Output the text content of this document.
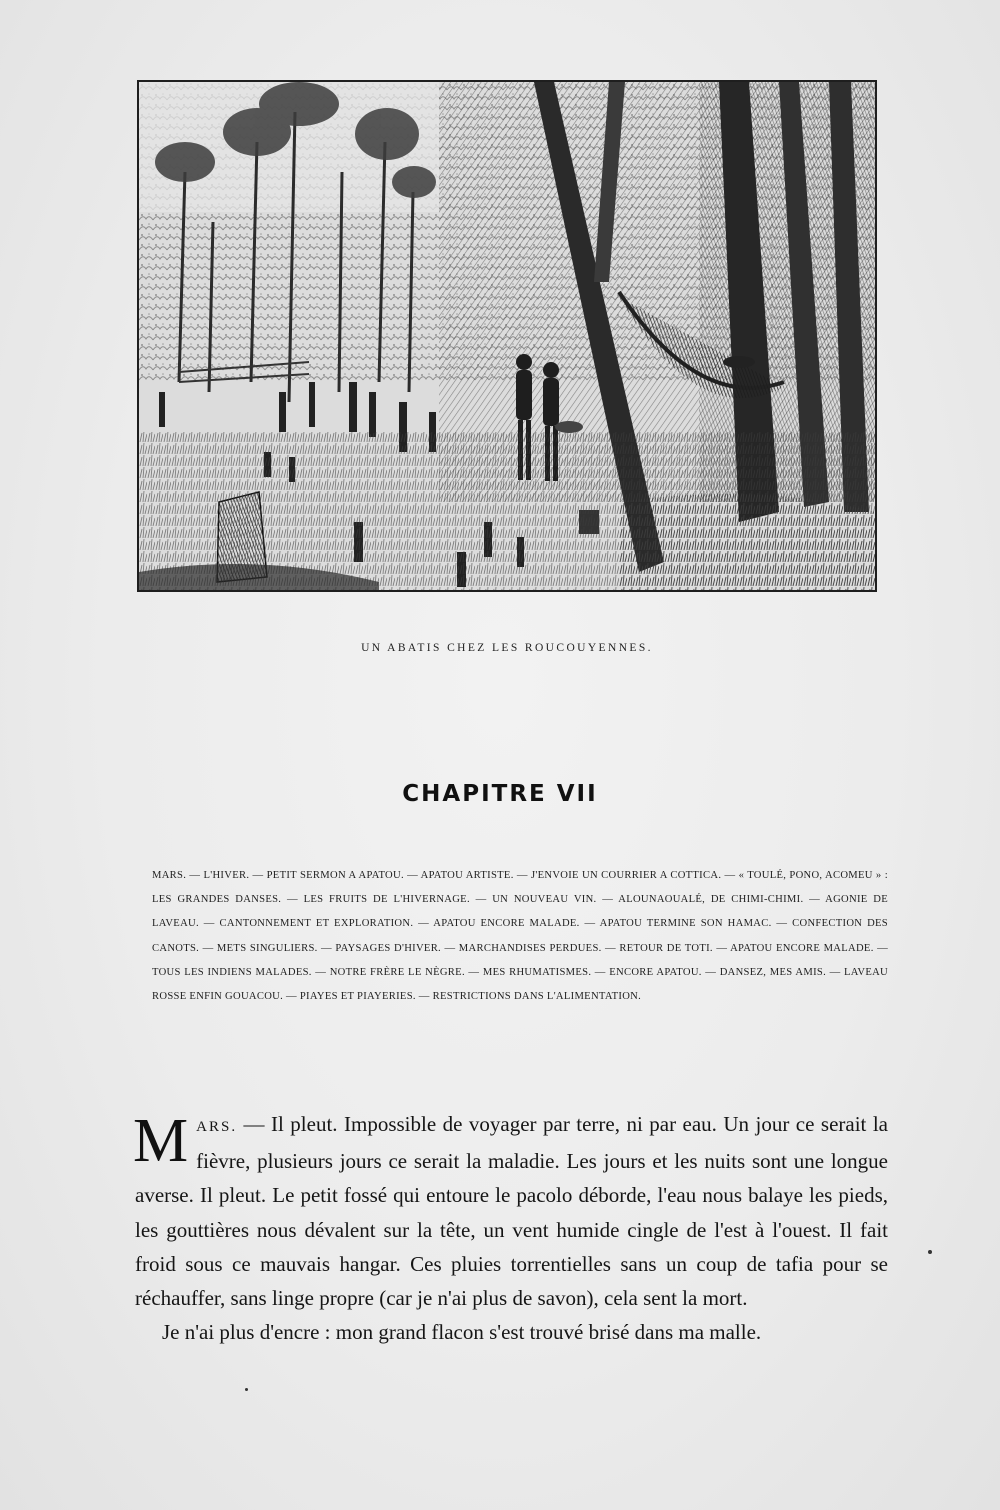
UN ABATIS CHEZ LES ROUCOUYENNES.
CHAPITRE VII
MARS. — L'HIVER. — PETIT SERMON A APATOU. — APATOU ARTISTE. — J'ENVOIE UN COURRIER A COTTICA. — « TOULÉ, PONO, ACOMEU » : LES GRANDES DANSES. — LES FRUITS DE L'HIVERNAGE. — UN NOUVEAU VIN. — ALOUNAOUALÉ, DE CHIMI-CHIMI. — AGONIE DE LAVEAU. — CANTONNEMENT ET EXPLORATION. — APATOU ENCORE MALADE. — APATOU TERMINE SON HAMAC. — CONFECTION DES CANOTS. — METS SINGULIERS. — PAYSAGES D'HIVER. — MARCHANDISES PERDUES. — RETOUR DE TOTI. — APATOU ENCORE MALADE. — TOUS LES INDIENS MALADES. — NOTRE FRÈRE LE NÈGRE. — MES RHUMATISMES. — ENCORE APATOU. — DANSEZ, MES AMIS. — LAVEAU ROSSE ENFIN GOUACOU. — PIAYES ET PIAYERIES. — RESTRICTIONS DANS L'ALIMENTATION.

MARS. — Il pleut. Impossible de voyager par terre, ni par eau. Un jour ce serait la fièvre, plusieurs jours ce serait la maladie. Les jours et les nuits sont une longue averse. Il pleut. Le petit fossé qui entoure le pacolo déborde, l'eau nous balaye les pieds, les gouttières nous dévalent sur la tête, un vent humide cingle de l'est à l'ouest. Il fait froid sous ce mauvais hangar. Ces pluies torrentielles sans un coup de tafia pour se réchauffer, sans linge propre (car je n'ai plus de savon), cela sent la mort.

Je n'ai plus d'encre : mon grand flacon s'est trouvé brisé dans ma malle.
